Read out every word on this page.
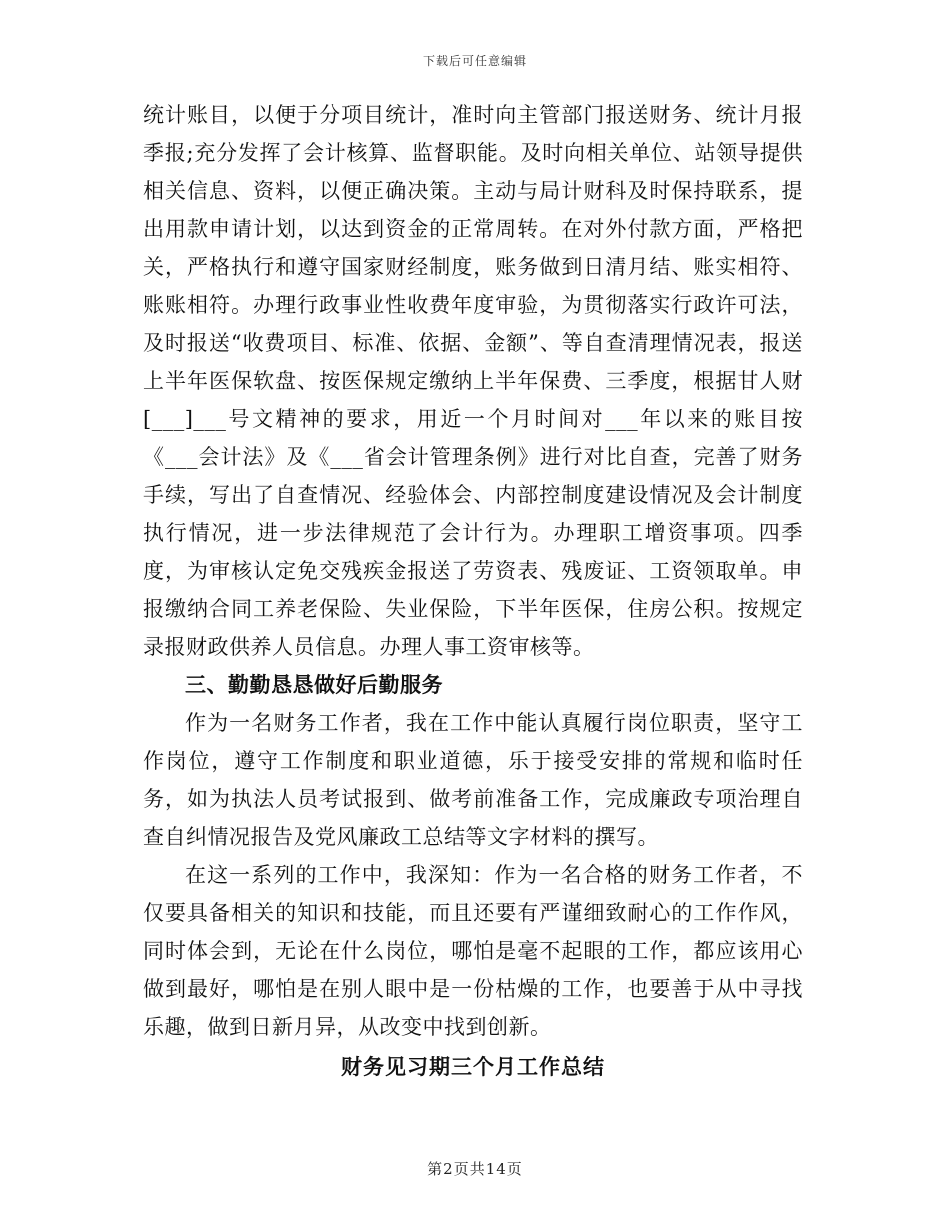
下载后可任意编辑

统计账目，以便于分项目统计，准时向主管部门报送财务、统计月报季报;充分发挥了会计核算、监督职能。及时向相关单位、站领导提供相关信息、资料，以便正确决策。主动与局计财科及时保持联系，提出用款申请计划，以达到资金的正常周转。在对外付款方面，严格把关，严格执行和遵守国家财经制度，账务做到日清月结、账实相符、账账相符。办理行政事业性收费年度审验，为贯彻落实行政许可法，及时报送“收费项目、标准、依据、金额”、等自查清理情况表，报送上半年医保软盘、按医保规定缴纳上半年保费、三季度，根据甘人财[___]___号文精神的要求，用近一个月时间对___年以来的账目按《___会计法》及《___省会计管理条例》进行对比自查，完善了财务手续，写出了自查情况、经验体会、内部控制度建设情况及会计制度执行情况，进一步法律规范了会计行为。办理职工增资事项。四季度，为审核认定免交残疾金报送了劳资表、残废证、工资领取单。申报缴纳合同工养老保险、失业保险，下半年医保，住房公积。按规定录报财政供养人员信息。办理人事工资审核等。

三、勤勤恳恳做好后勤服务

作为一名财务工作者，我在工作中能认真履行岗位职责，坚守工作岗位，遵守工作制度和职业道德，乐于接受安排的常规和临时任务，如为执法人员考试报到、做考前准备工作，完成廉政专项治理自查自纠情况报告及党风廉政工总结等文字材料的撰写。

在这一系列的工作中，我深知：作为一名合格的财务工作者，不仅要具备相关的知识和技能，而且还要有严谨细致耐心的工作作风，同时体会到，无论在什么岗位，哪怕是毫不起眼的工作，都应该用心做到最好，哪怕是在别人眼中是一份枯燥的工作，也要善于从中寻找乐趣，做到日新月异，从改变中找到创新。

财务见习期三个月工作总结

第2页共14页
